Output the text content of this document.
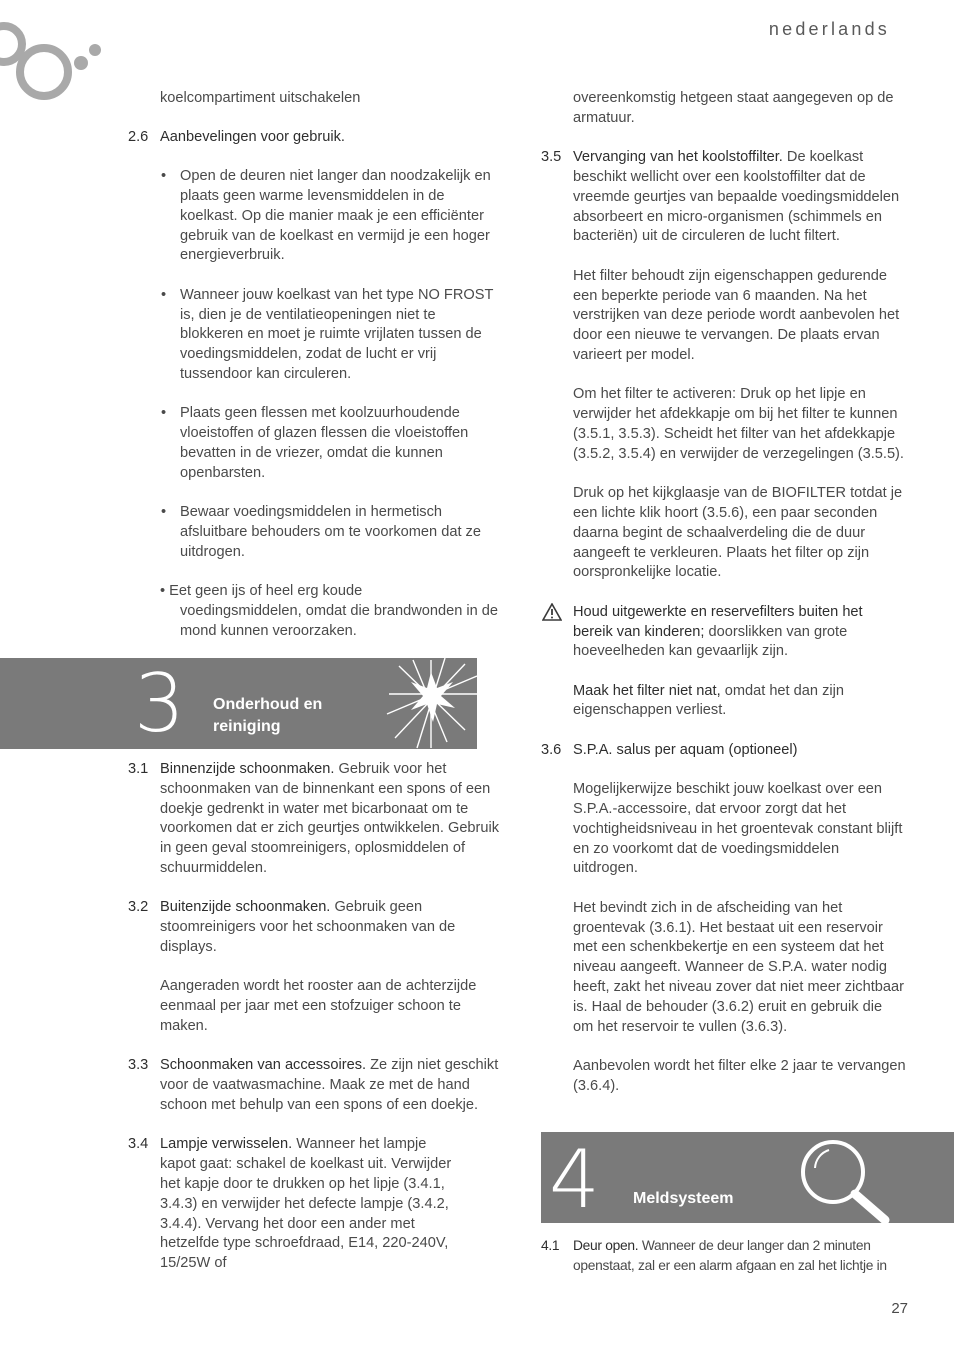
nederlands
koelcompartiment uitschakelen
2.6 Aanbevelingen voor gebruik.
• Open de deuren niet langer dan noodzakelijk en plaats geen warme levensmiddelen in de koelkast. Op die manier maak je een efficiënter gebruik van de koelkast en vermijd je een hoger energieverbruik.
• Wanneer jouw koelkast van het type NO FROST is, dien je de ventilatieopeningen niet te blokkeren en moet je ruimte vrijlaten tussen de voedingsmiddelen, zodat de lucht er vrij tussendoor kan circuleren.
• Plaats geen flessen met koolzuurhoudende vloeistoffen of glazen flessen die vloeistoffen bevatten in de vriezer, omdat die kunnen openbarsten.
• Bewaar voedingsmiddelen in hermetisch afsluitbare behouders om te voorkomen dat ze uitdrogen.
• Eet geen ijs of heel erg koude
voedingsmiddelen, omdat die brandwonden in de mond kunnen veroorzaken.
Onderhoud en
reiniging
3
3.1 Binnenzijde schoonmaken. Gebruik voor het schoonmaken van de binnenkant een spons of een doekje gedrenkt in water met bicarbonaat om te voorkomen dat er zich geurtjes ontwikkelen. Gebruik in geen geval stoomreinigers, oplosmiddelen of schuurmiddelen.
3.2 Buitenzijde schoonmaken. Gebruik geen stoomreinigers voor het schoonmaken van de displays.
Aangeraden wordt het rooster aan de achterzijde eenmaal per jaar met een stofzuiger schoon te maken.
3.3 Schoonmaken van accessoires. Ze zijn niet geschikt voor de vaatwasmachine. Maak ze met de hand schoon met behulp van een spons of een doekje.
3.4 Lampje verwisselen. Wanneer het lampje kapot gaat: schakel de koelkast uit. Verwijder het kapje door te drukken op het lipje (3.4.1, 3.4.3) en verwijder het defecte lampje (3.4.2, 3.4.4). Vervang het door een ander met hetzelfde type schroefdraad, E14, 220-240V, 15/25W of
overeenkomstig hetgeen staat aangegeven op de armatuur.
3.5 Vervanging van het koolstoffilter. De koelkast beschikt wellicht over een koolstoffilter dat de vreemde geurtjes van bepaalde voedingsmiddelen absorbeert en micro-organismen (schimmels en bacteriën) uit de circuleren de lucht filtert.
Het filter behoudt zijn eigenschappen gedurende een beperkte periode van 6 maanden. Na het verstrijken van deze periode wordt aanbevolen het door een nieuwe te vervangen. De plaats ervan varieert per model.
Om het filter te activeren: Druk op het lipje en verwijder het afdekkapje om bij het filter te kunnen (3.5.1, 3.5.3). Scheidt het filter van het afdekkapje (3.5.2, 3.5.4) en verwijder de verzegelingen (3.5.5).
Druk op het kijkglaasje van de BIOFILTER totdat je een lichte klik hoort (3.5.6), een paar seconden daarna begint de schaalverdeling die de duur aangeeft te verkleuren. Plaats het filter op zijn oorspronkelijke locatie.
Houd uitgewerkte en reservefilters buiten het bereik van kinderen; doorslikken van grote hoeveelheden kan gevaarlijk zijn.
Maak het filter niet nat, omdat het dan zijn eigenschappen verliest.
3.6 S.P.A. salus per aquam (optioneel)
Mogelijkerwijze beschikt jouw koelkast over een S.P.A.-accessoire, dat ervoor zorgt dat het vochtigheidsniveau in het groentevak constant blijft en zo voorkomt dat de voedingsmiddelen uitdrogen.
Het bevindt zich in de afscheiding van het groentevak (3.6.1). Het bestaat uit een reservoir met een schenkbekertje en een systeem dat het niveau aangeeft. Wanneer de S.P.A. water nodig heeft, zakt het niveau zover dat niet meer zichtbaar is. Haal de behouder (3.6.2) eruit en gebruik die om het reservoir te vullen (3.6.3).
Aanbevolen wordt het filter elke 2 jaar te vervangen (3.6.4).
Meldsysteem
4
4.1 Deur open. Wanneer de deur langer dan 2 minuten openstaat, zal er een alarm afgaan en zal het lichtje in
27
